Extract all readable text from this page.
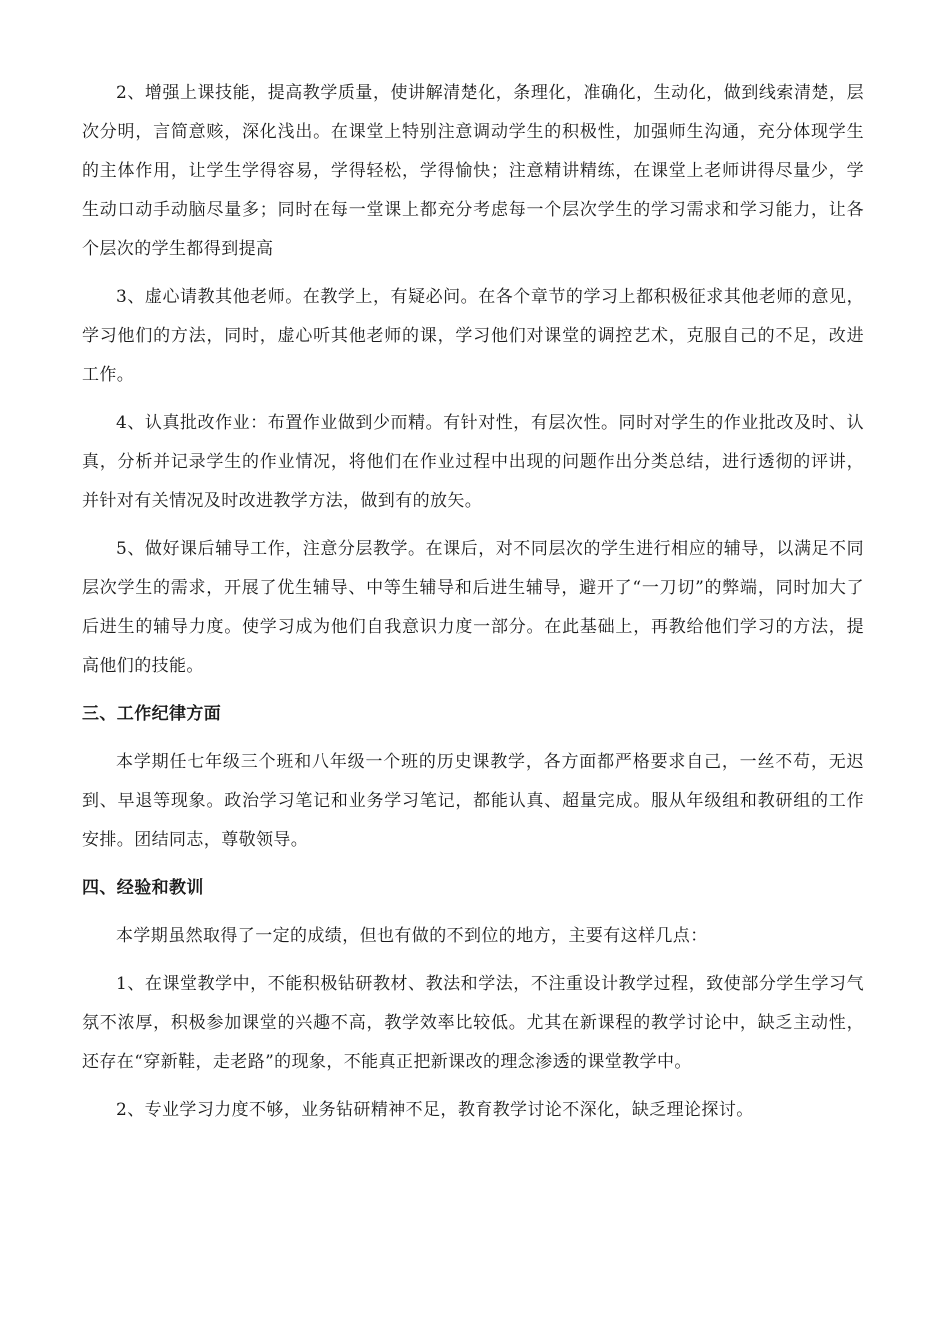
2、增强上课技能，提高教学质量，使讲解清楚化，条理化，准确化，生动化，做到线索清楚，层次分明，言简意赅，深化浅出。在课堂上特别注意调动学生的积极性，加强师生沟通，充分体现学生的主体作用，让学生学得容易，学得轻松，学得愉快；注意精讲精练，在课堂上老师讲得尽量少，学生动口动手动脑尽量多；同时在每一堂课上都充分考虑每一个层次学生的学习需求和学习能力，让各个层次的学生都得到提高

3、虚心请教其他老师。在教学上，有疑必问。在各个章节的学习上都积极征求其他老师的意见，学习他们的方法，同时，虚心听其他老师的课，学习他们对课堂的调控艺术，克服自己的不足，改进工作。

4、认真批改作业：布置作业做到少而精。有针对性，有层次性。同时对学生的作业批改及时、认真，分析并记录学生的作业情况，将他们在作业过程中出现的问题作出分类总结，进行透彻的评讲，并针对有关情况及时改进教学方法，做到有的放矢。

5、做好课后辅导工作，注意分层教学。在课后，对不同层次的学生进行相应的辅导，以满足不同层次学生的需求，开展了优生辅导、中等生辅导和后进生辅导，避开了“一刀切”的弊端，同时加大了后进生的辅导力度。使学习成为他们自我意识力度一部分。在此基础上，再教给他们学习的方法，提高他们的技能。

三、工作纪律方面

本学期任七年级三个班和八年级一个班的历史课教学，各方面都严格要求自己，一丝不苟，无迟到、早退等现象。政治学习笔记和业务学习笔记，都能认真、超量完成。服从年级组和教研组的工作安排。团结同志，尊敬领导。

四、经验和教训

本学期虽然取得了一定的成绩，但也有做的不到位的地方，主要有这样几点：

1、在课堂教学中，不能积极钻研教材、教法和学法，不注重设计教学过程，致使部分学生学习气氛不浓厚，积极参加课堂的兴趣不高，教学效率比较低。尤其在新课程的教学讨论中，缺乏主动性，还存在“穿新鞋，走老路”的现象，不能真正把新课改的理念渗透的课堂教学中。

2、专业学习力度不够，业务钻研精神不足，教育教学讨论不深化，缺乏理论探讨。
